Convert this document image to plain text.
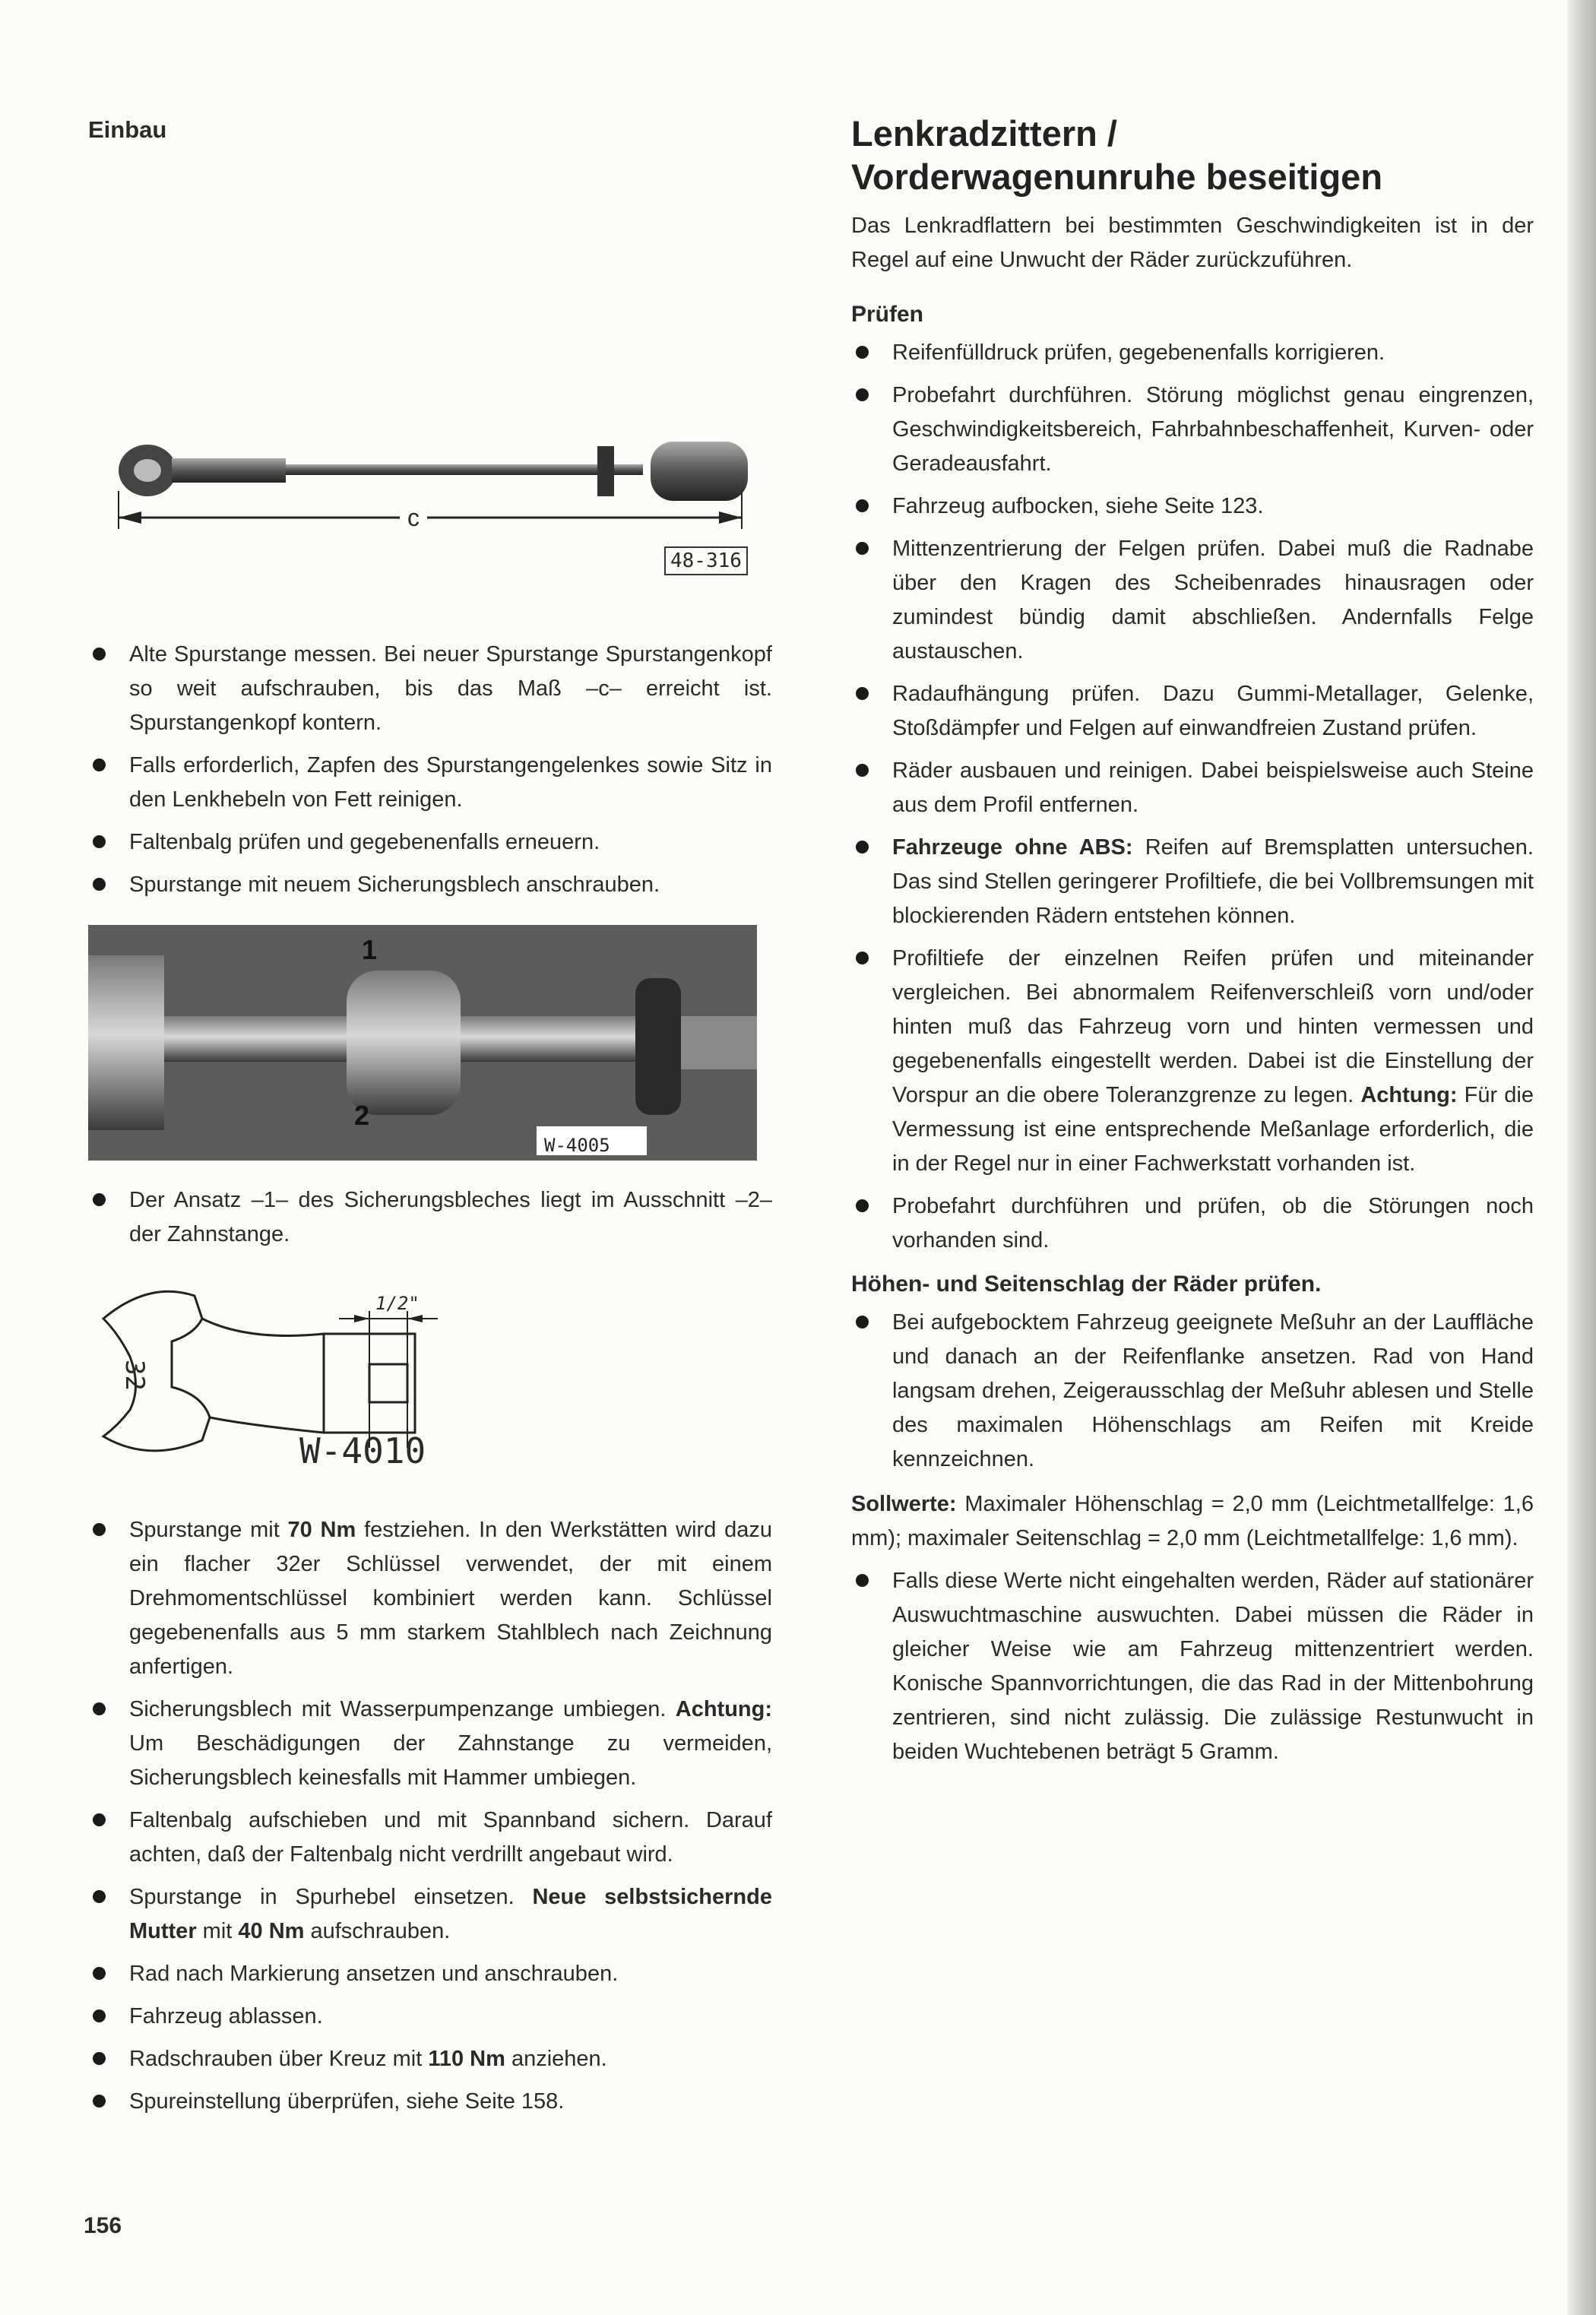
Einbau
c
48-316
Alte Spurstange messen. Bei neuer Spurstange Spurstangenkopf so weit aufschrauben, bis das Maß –c– erreicht ist. Spurstangenkopf kontern.
Falls erforderlich, Zapfen des Spurstangengelenkes sowie Sitz in den Lenkhebeln von Fett reinigen.
Faltenbalg prüfen und gegebenenfalls erneuern.
Spurstange mit neuem Sicherungsblech anschrauben.
1
2
W-4005
Der Ansatz –1– des Sicherungsbleches liegt im Ausschnitt –2– der Zahnstange.
32
1/2"
W-4010
Spurstange mit 70 Nm festziehen. In den Werkstätten wird dazu ein flacher 32er Schlüssel verwendet, der mit einem Drehmomentschlüssel kombiniert werden kann. Schlüssel gegebenenfalls aus 5 mm starkem Stahlblech nach Zeichnung anfertigen.
Sicherungsblech mit Wasserpumpenzange umbiegen. Achtung: Um Beschädigungen der Zahnstange zu vermeiden, Sicherungsblech keinesfalls mit Hammer umbiegen.
Faltenbalg aufschieben und mit Spannband sichern. Darauf achten, daß der Faltenbalg nicht verdrillt angebaut wird.
Spurstange in Spurhebel einsetzen. Neue selbstsichernde Mutter mit 40 Nm aufschrauben.
Rad nach Markierung ansetzen und anschrauben.
Fahrzeug ablassen.
Radschrauben über Kreuz mit 110 Nm anziehen.
Spureinstellung überprüfen, siehe Seite 158.
Lenkradzittern /
Vorderwagenunruhe beseitigen
Das Lenkradflattern bei bestimmten Geschwindigkeiten ist in der Regel auf eine Unwucht der Räder zurückzuführen.
Prüfen
Reifenfülldruck prüfen, gegebenenfalls korrigieren.
Probefahrt durchführen. Störung möglichst genau eingrenzen, Geschwindigkeitsbereich, Fahrbahnbeschaffenheit, Kurven- oder Geradeausfahrt.
Fahrzeug aufbocken, siehe Seite 123.
Mittenzentrierung der Felgen prüfen. Dabei muß die Radnabe über den Kragen des Scheibenrades hinausragen oder zumindest bündig damit abschließen. Andernfalls Felge austauschen.
Radaufhängung prüfen. Dazu Gummi-Metallager, Gelenke, Stoßdämpfer und Felgen auf einwandfreien Zustand prüfen.
Räder ausbauen und reinigen. Dabei beispielsweise auch Steine aus dem Profil entfernen.
Fahrzeuge ohne ABS: Reifen auf Bremsplatten untersuchen. Das sind Stellen geringerer Profiltiefe, die bei Vollbremsungen mit blockierenden Rädern entstehen können.
Profiltiefe der einzelnen Reifen prüfen und miteinander vergleichen. Bei abnormalem Reifenverschleiß vorn und/oder hinten muß das Fahrzeug vorn und hinten vermessen und gegebenenfalls eingestellt werden. Dabei ist die Einstellung der Vorspur an die obere Toleranzgrenze zu legen. Achtung: Für die Vermessung ist eine entsprechende Meßanlage erforderlich, die in der Regel nur in einer Fachwerkstatt vorhanden ist.
Probefahrt durchführen und prüfen, ob die Störungen noch vorhanden sind.
Höhen- und Seitenschlag der Räder prüfen.
Bei aufgebocktem Fahrzeug geeignete Meßuhr an der Lauffläche und danach an der Reifenflanke ansetzen. Rad von Hand langsam drehen, Zeigerausschlag der Meßuhr ablesen und Stelle des maximalen Höhenschlags am Reifen mit Kreide kennzeichnen.
Sollwerte: Maximaler Höhenschlag = 2,0 mm (Leichtmetallfelge: 1,6 mm); maximaler Seitenschlag = 2,0 mm (Leichtmetallfelge: 1,6 mm).
Falls diese Werte nicht eingehalten werden, Räder auf stationärer Auswuchtmaschine auswuchten. Dabei müssen die Räder in gleicher Weise wie am Fahrzeug mittenzentriert werden. Konische Spannvorrichtungen, die das Rad in der Mittenbohrung zentrieren, sind nicht zulässig. Die zulässige Restunwucht in beiden Wuchtebenen beträgt 5 Gramm.
156
